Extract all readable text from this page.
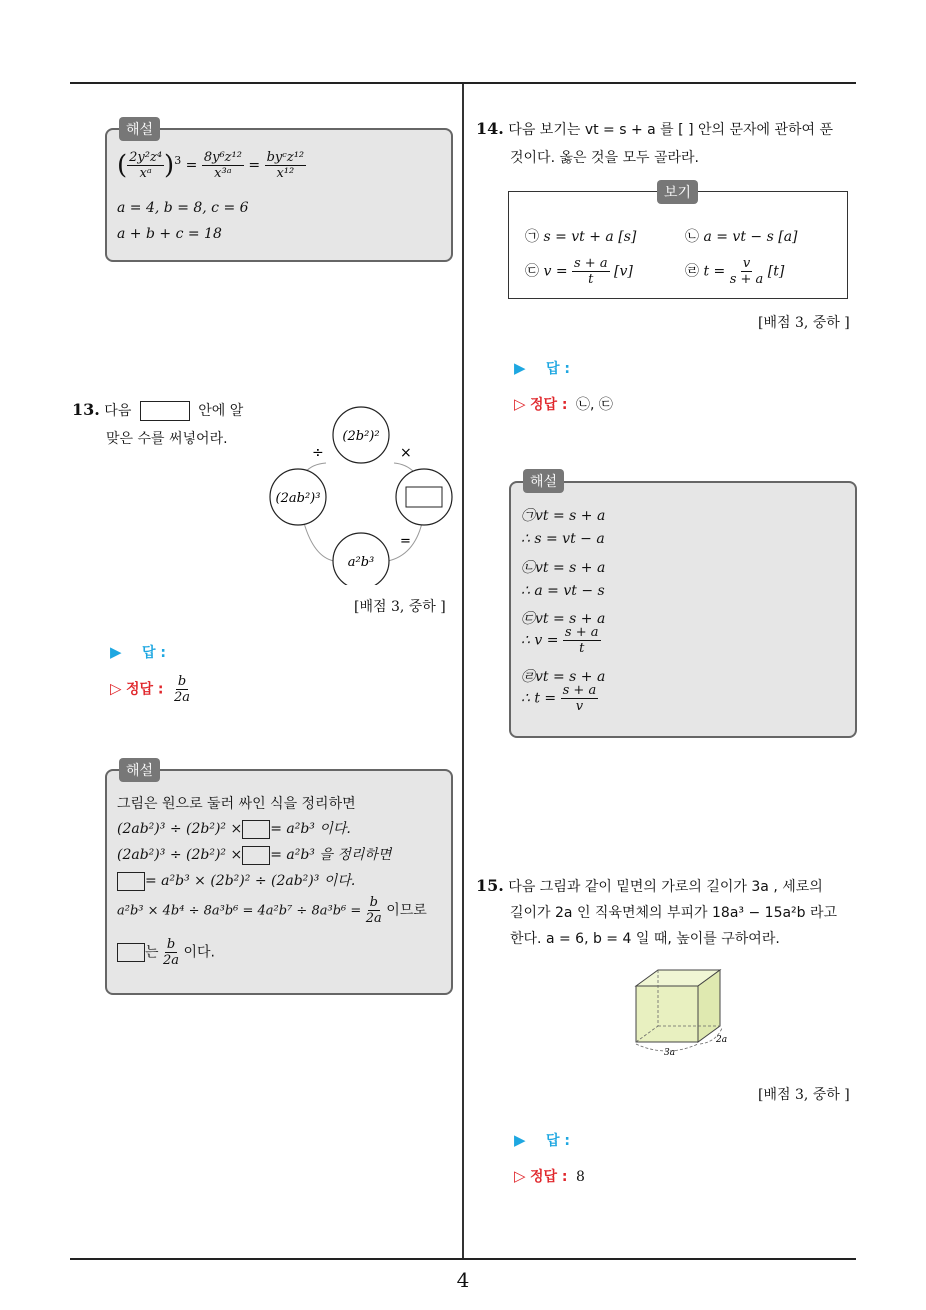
( $\frac{\text{2y²z⁴}}{\text{xᵃ}} )^3 = \frac{\text{8y⁶z¹²}}{\text{x³ᵃ}} = \frac{\text{byᶜz¹²}}{\text{x¹²}}$
a = 4, b = 8, c = 6
a + b + c = 18
해설
13. 다음	안에 알
맞은 수를 써넣어라.	(2b²)²
(2ab²)³
a²b³
÷	×
=
[배점 3, 중하 ]
▶ 답 :
▷ 정답 : $\frac{b}{2a}$
그림은 원으로 둘러 싸인 식을 정리하면
(2ab²)³ ÷ (2b²)² × = a²b³ 이다.
(2ab²)³ ÷ (2b²)² × = a²b³ 을 정리하면
= a²b³ × (2b²)² ÷ (2ab²)³ 이다.
$a^2b^3 \times 4b^4 \div 8a^3b^6 = 4a^2b^7 \div 8a^3b^6 = \frac{b}{2a}$ 이므로
는 $\frac{b}{2a}$ 이다.
해설
14. 다음 보기는 vt = s + a 를 [ ] 안의 문자에 관하여 푼
것이다. 옳은 것을 모두 골라라.
㉠ s = vt + a [s]	㉡ a = vt − s [a]
㉢ $v = \frac{s + a}{t} [v]$	㉣ $t = \frac{v}{s + a} [t]$
보기
[배점 3, 중하 ]
▶ 답 :
▷ 정답 : ㉡, ㉢
㉠vt = s + a
∴ s = vt − a
㉡vt = s + a
∴ a = vt − s
㉢vt = s + a
∴ $v = \frac{s + a}{t}$
㉣vt = s + a
∴ $t = \frac{s + a}{v}$
해설
15. 다음 그림과 같이 밑면의 가로의 길이가 3a , 세로의
길이가 2a 인 직육면체의 부피가 18a³ − 15a²b 라고
한다. a = 6, b = 4 일 때, 높이를 구하여라.
3a
2a
[배점 3, 중하 ]
▶ 답 :
▷ 정답 : 8
4
